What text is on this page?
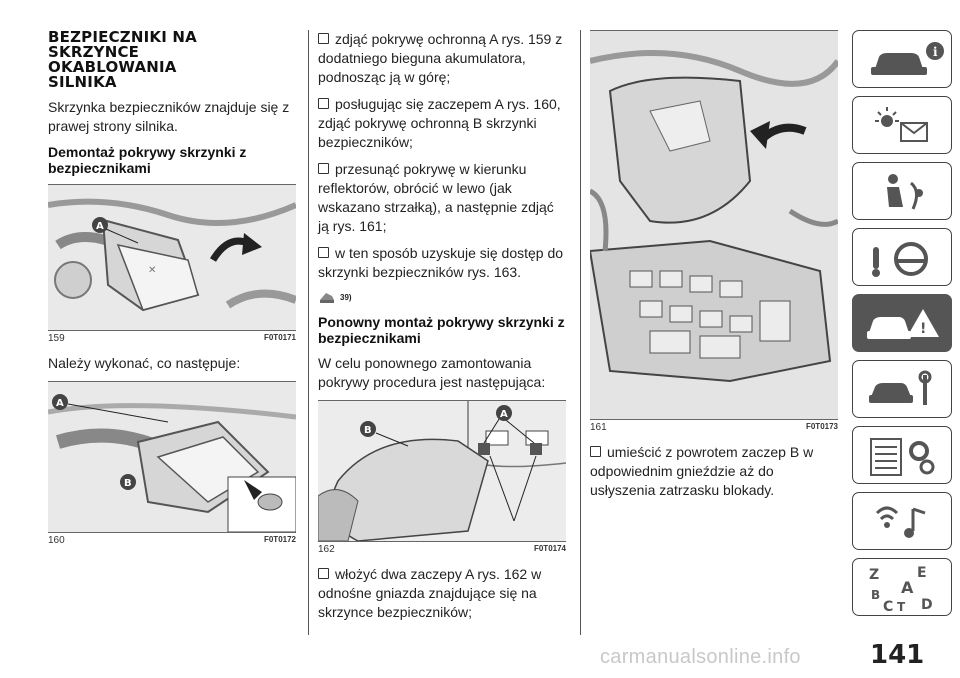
BEZPIECZNIKI NA SKRZYNCE OKABLOWANIA SILNIKA

Skrzynka bezpieczników znajduje się z prawej strony silnika.

Demontaż pokrywy skrzynki z bezpiecznikami
✕
A
159	F0T0171

Należy wykonać, co następuje:

A
B
160	F0T0172

zdjąć pokrywę ochronną A rys. 159 z dodatniego bieguna akumulatora, podnosząc ją w górę;

posługując się zaczepem A rys. 160, zdjąć pokrywę ochronną B skrzynki bezpieczników;

przesunąć pokrywę w kierunku reflektorów, obrócić w lewo (jak wskazano strzałką), a następnie zdjąć ją rys. 161;

w ten sposób uzyskuje się dostęp do skrzynki bezpieczników rys. 163.

39)
Ponowny montaż pokrywy skrzynki z bezpiecznikami

W celu ponownego zamontowania pokrywy procedura jest następująca:

A
B
162	F0T0174

włożyć dwa zaczepy A rys. 162 w odnośne gniazda znajdujące się na skrzynce bezpieczników;

161	F0T0173

umieścić z powrotem zaczep B w odpowiednim gnieździe aż do usłyszenia zatrzasku blokady.

i
!
Z	E
A
B
C T D
141
carmanualsonline.info
